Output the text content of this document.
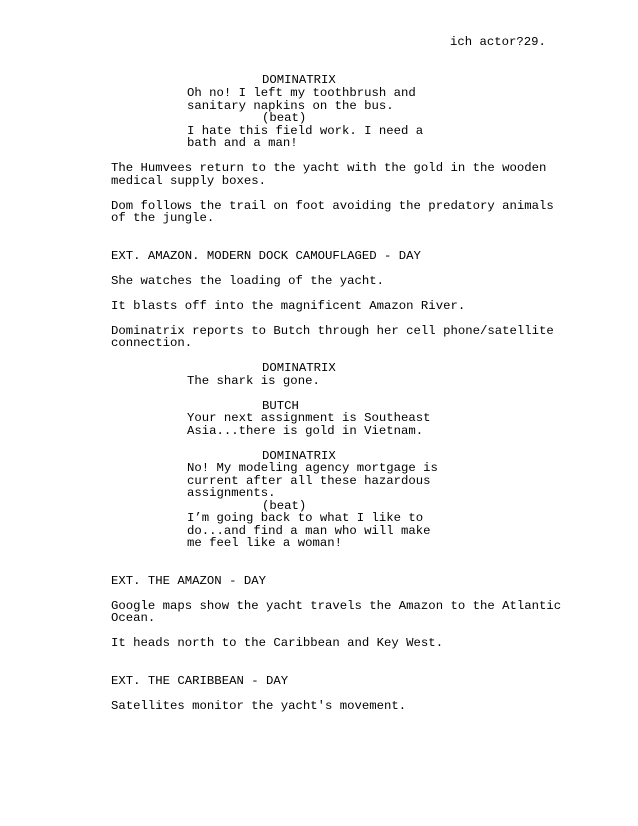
ich actor?29.
DOMINATRIX
Oh no! I left my toothbrush and
sanitary napkins on the bus.
(beat)
I hate this field work. I need a
bath and a man!
The Humvees return to the yacht with the gold in the wooden
medical supply boxes.
Dom follows the trail on foot avoiding the predatory animals
of the jungle.
EXT. AMAZON. MODERN DOCK CAMOUFLAGED - DAY
She watches the loading of the yacht.
It blasts off into the magnificent Amazon River.
Dominatrix reports to Butch through her cell phone/satellite
connection.
DOMINATRIX
The shark is gone.
BUTCH
Your next assignment is Southeast
Asia...there is gold in Vietnam.
DOMINATRIX
No! My modeling agency mortgage is
current after all these hazardous
assignments.
(beat)
I’m going back to what I like to
do...and find a man who will make
me feel like a woman!
EXT. THE AMAZON - DAY
Google maps show the yacht travels the Amazon to the Atlantic
Ocean.
It heads north to the Caribbean and Key West.
EXT. THE CARIBBEAN - DAY
Satellites monitor the yacht's movement.
